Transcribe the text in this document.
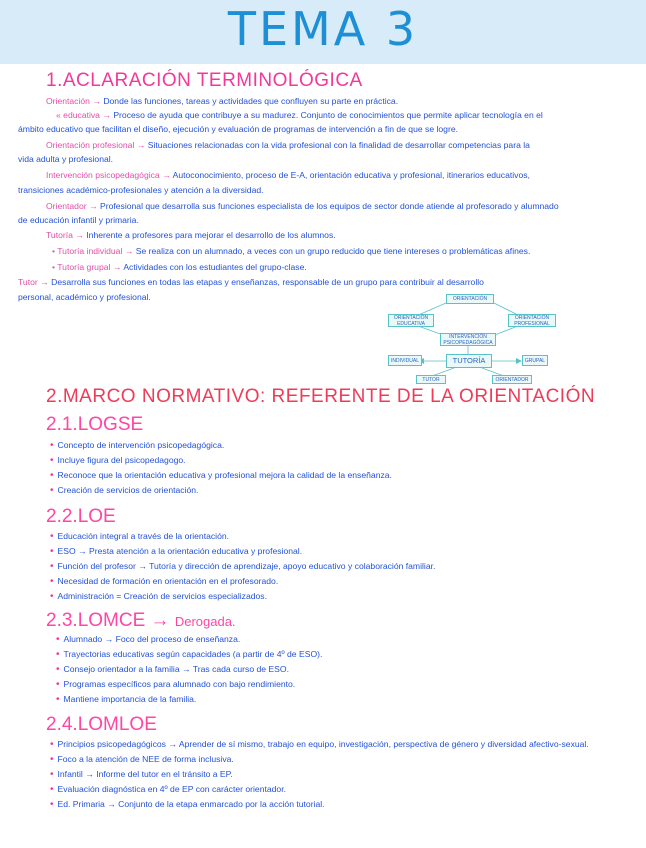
TEMA 3
1.ACLARACIÓN TERMINOLÓGICA
Orientación → Donde las funciones, tareas y actividades que confluyen su parte en práctica.
« educativa → Proceso de ayuda que contribuye a su madurez. Conjunto de conocimientos que permite aplicar tecnología en el
ámbito educativo que facilitan el diseño, ejecución y evaluación de programas de intervención a fin de que se logre.
Orientación profesional → Situaciones relacionadas con la vida profesional con la finalidad de desarrollar competencias para la
vida adulta y profesional.
Intervención psicopedagógica → Autoconocimiento, proceso de E-A, orientación educativa y profesional, itinerarios educativos,
transiciones académico-profesionales y atención a la diversidad.
Orientador → Profesional que desarrolla sus funciones especialista de los equipos de sector donde atiende al profesorado y alumnado
de educación infantil y primaria.
Tutoría → Inherente a profesores para mejorar el desarrollo de los alumnos.
• Tutoría individual → Se realiza con un alumnado, a veces con un grupo reducido que tiene intereses o problemáticas afines.
• Tutoría grupal → Actividades con los estudiantes del grupo-clase.
Tutor → Desarrolla sus funciones en todas las etapas y enseñanzas, responsable de un grupo para contribuir al desarrollo
personal, académico y profesional.	ORIENTACIÓN
ORIENTACIÓN EDUCATIVA
ORIENTACIÓN PROFESIONAL
INTERVENCIÓN PSICOPEDAGÓGICA
TUTORÍA
INDIVIDUAL	GRUPAL
TUTOR	ORIENTADOR
2.MARCO NORMATIVO: REFERENTE DE LA ORIENTACIÓN
2.1.LOGSE
• Concepto de intervención psicopedagógica.
• Incluye figura del psicopedagogo.
• Reconoce que la orientación educativa y profesional mejora la calidad de la enseñanza.
• Creación de servicios de orientación.
2.2.LOE
• Educación integral a través de la orientación.
• ESO → Presta atención a la orientación educativa y profesional.
• Función del profesor → Tutoría y dirección de aprendizaje, apoyo educativo y colaboración familiar.
• Necesidad de formación en orientación en el profesorado.
• Administración = Creación de servicios especializados.
2.3.LOMCE → Derogada.
• Alumnado → Foco del proceso de enseñanza.
• Trayectorias educativas según capacidades (a partir de 4º de ESO).
• Consejo orientador a la familia → Tras cada curso de ESO.
• Programas específicos para alumnado con bajo rendimiento.
• Mantiene importancia de la familia.
2.4.LOMLOE
• Principios psicopedagógicos → Aprender de sí mismo, trabajo en equipo, investigación, perspectiva de género y diversidad afectivo-sexual.
• Foco a la atención de NEE de forma inclusiva.
• Infantil → Informe del tutor en el tránsito a EP.
• Evaluación diagnóstica en 4º de EP con carácter orientador.
• Ed. Primaria → Conjunto de la etapa enmarcado por la acción tutorial.
